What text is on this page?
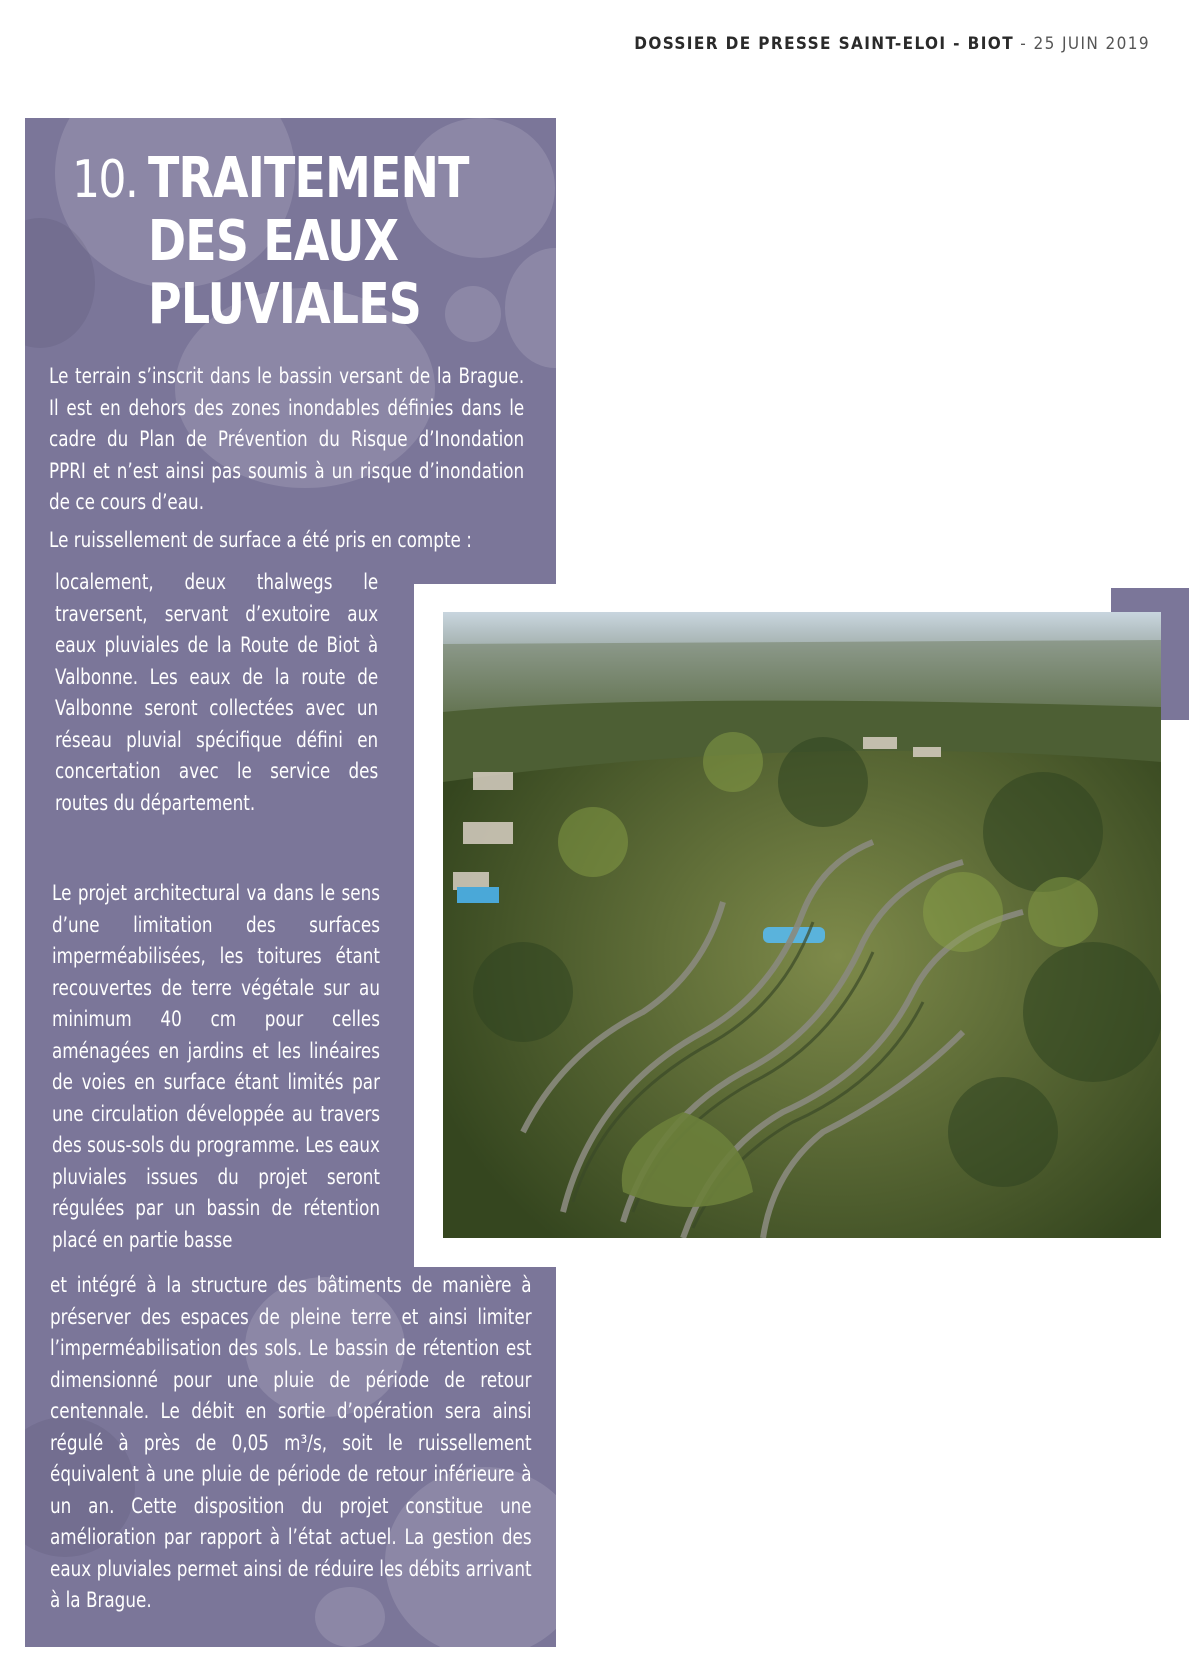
DOSSIER DE PRESSE SAINT-ELOI - BIOT - 25 JUIN 2019
10. TRAITEMENT
DES EAUX
PLUVIALES

Le terrain s’inscrit dans le bassin versant de la Brague. Il est en dehors des zones inondables définies dans le cadre du Plan de Prévention du Risque d’Inondation PPRI et n’est ainsi pas soumis à un risque d’inondation de ce cours d’eau.

Le ruissellement de surface a été pris en compte :

localement, deux thalwegs le traversent, servant d’exutoire aux eaux pluviales de la Route de Biot à Valbonne. Les eaux de la route de Valbonne seront collectées avec un réseau pluvial spécifique défini en concertation avec le service des routes du département.

Le projet architectural va dans le sens d’une limitation des surfaces imperméabilisées, les toitures étant recouvertes de terre végétale sur au minimum 40 cm pour celles aménagées en jardins et les linéaires de voies en surface étant limités par une circulation développée au travers des sous-sols du programme. Les eaux pluviales issues du projet seront régulées par un bassin de rétention placé en partie basse

et intégré à la structure des bâtiments de manière à préserver des espaces de pleine terre et ainsi limiter l’imperméabilisation des sols. Le bassin de rétention est dimensionné pour une pluie de période de retour centennale. Le débit en sortie d’opération sera ainsi régulé à près de 0,05 m³/s, soit le ruissellement équivalent à une pluie de période de retour inférieure à un an. Cette disposition du projet constitue une amélioration par rapport à l’état actuel. La gestion des eaux pluviales permet ainsi de réduire les débits arrivant à la Brague.
